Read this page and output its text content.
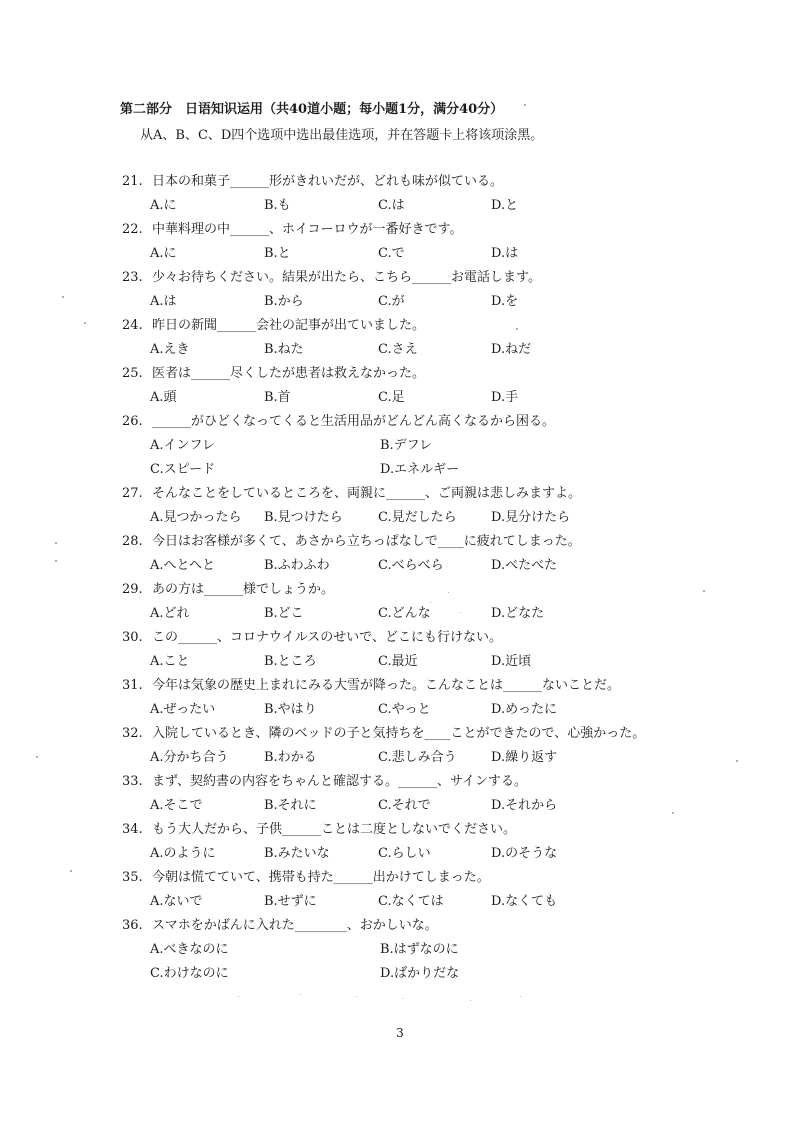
第二部分　日语知识运用（共40道小题；每小题1分，满分40分）
从A、B、C、D四个选项中选出最佳选项，并在答题卡上将该项涂黑。
21. 日本の和菓子______形がきれいだが、どれも味が似ている。
A.に	B.も	C.は	D.と
22. 中華料理の中______、ホイコーロウが一番好きです。
A.に	B.と	C.で	D.は
23. 少々お待ちください。結果が出たら、こちら______お電話します。
A.は	B.から	C.が	D.を
24. 昨日の新聞______会社の記事が出ていました。
A.えき	B.ねた	C.さえ	D.ねだ
25. 医者は______尽くしたが患者は救えなかった。
A.頭	B.首	C.足	D.手
26. ______がひどくなってくると生活用品がどんどん高くなるから困る。
A.インフレ	B.デフレ
C.スピード	D.エネルギー
27. そんなことをしているところを、両親に______、ご両親は悲しみますよ。
A.見つかったら B.見つけたら	C.見だしたら	D.見分けたら
28. 今日はお客様が多くて、あさから立ちっぱなしで____に疲れてしまった。
A.へとへと	B.ふわふわ	C.べらべら	D.べたべた
29. あの方は______様でしょうか。
A.どれ	B.どこ	C.どんな	D.どなた
30. この______、コロナウイルスのせいで、どこにも行けない。
A.こと	B.ところ	C.最近	D.近頃
31. 今年は気象の歴史上まれにみる大雪が降った。こんなことは______ないことだ。
A.ぜったい	B.やはり	C.やっと	D.めったに
32. 入院しているとき、隣のベッドの子と気持ちを____ことができたので、心強かった。
A.分かち合う	B.わかる	C.悲しみ合う	D.繰り返す
33. まず、契約書の内容をちゃんと確認する。______、サインする。
A.そこで	B.それに	C.それで	D.それから
34. もう大人だから、子供______ことは二度としないでください。
A.のように	B.みたいな	C.らしい	D.のそうな
35. 今朝は慌てていて、携帯も持た______出かけてしまった。
A.ないで	B.せずに	C.なくては	D.なくても
36. スマホをかばんに入れた________、おかしいな。
A.べきなのに	B.はずなのに
C.わけなのに	D.ばかりだな
3
